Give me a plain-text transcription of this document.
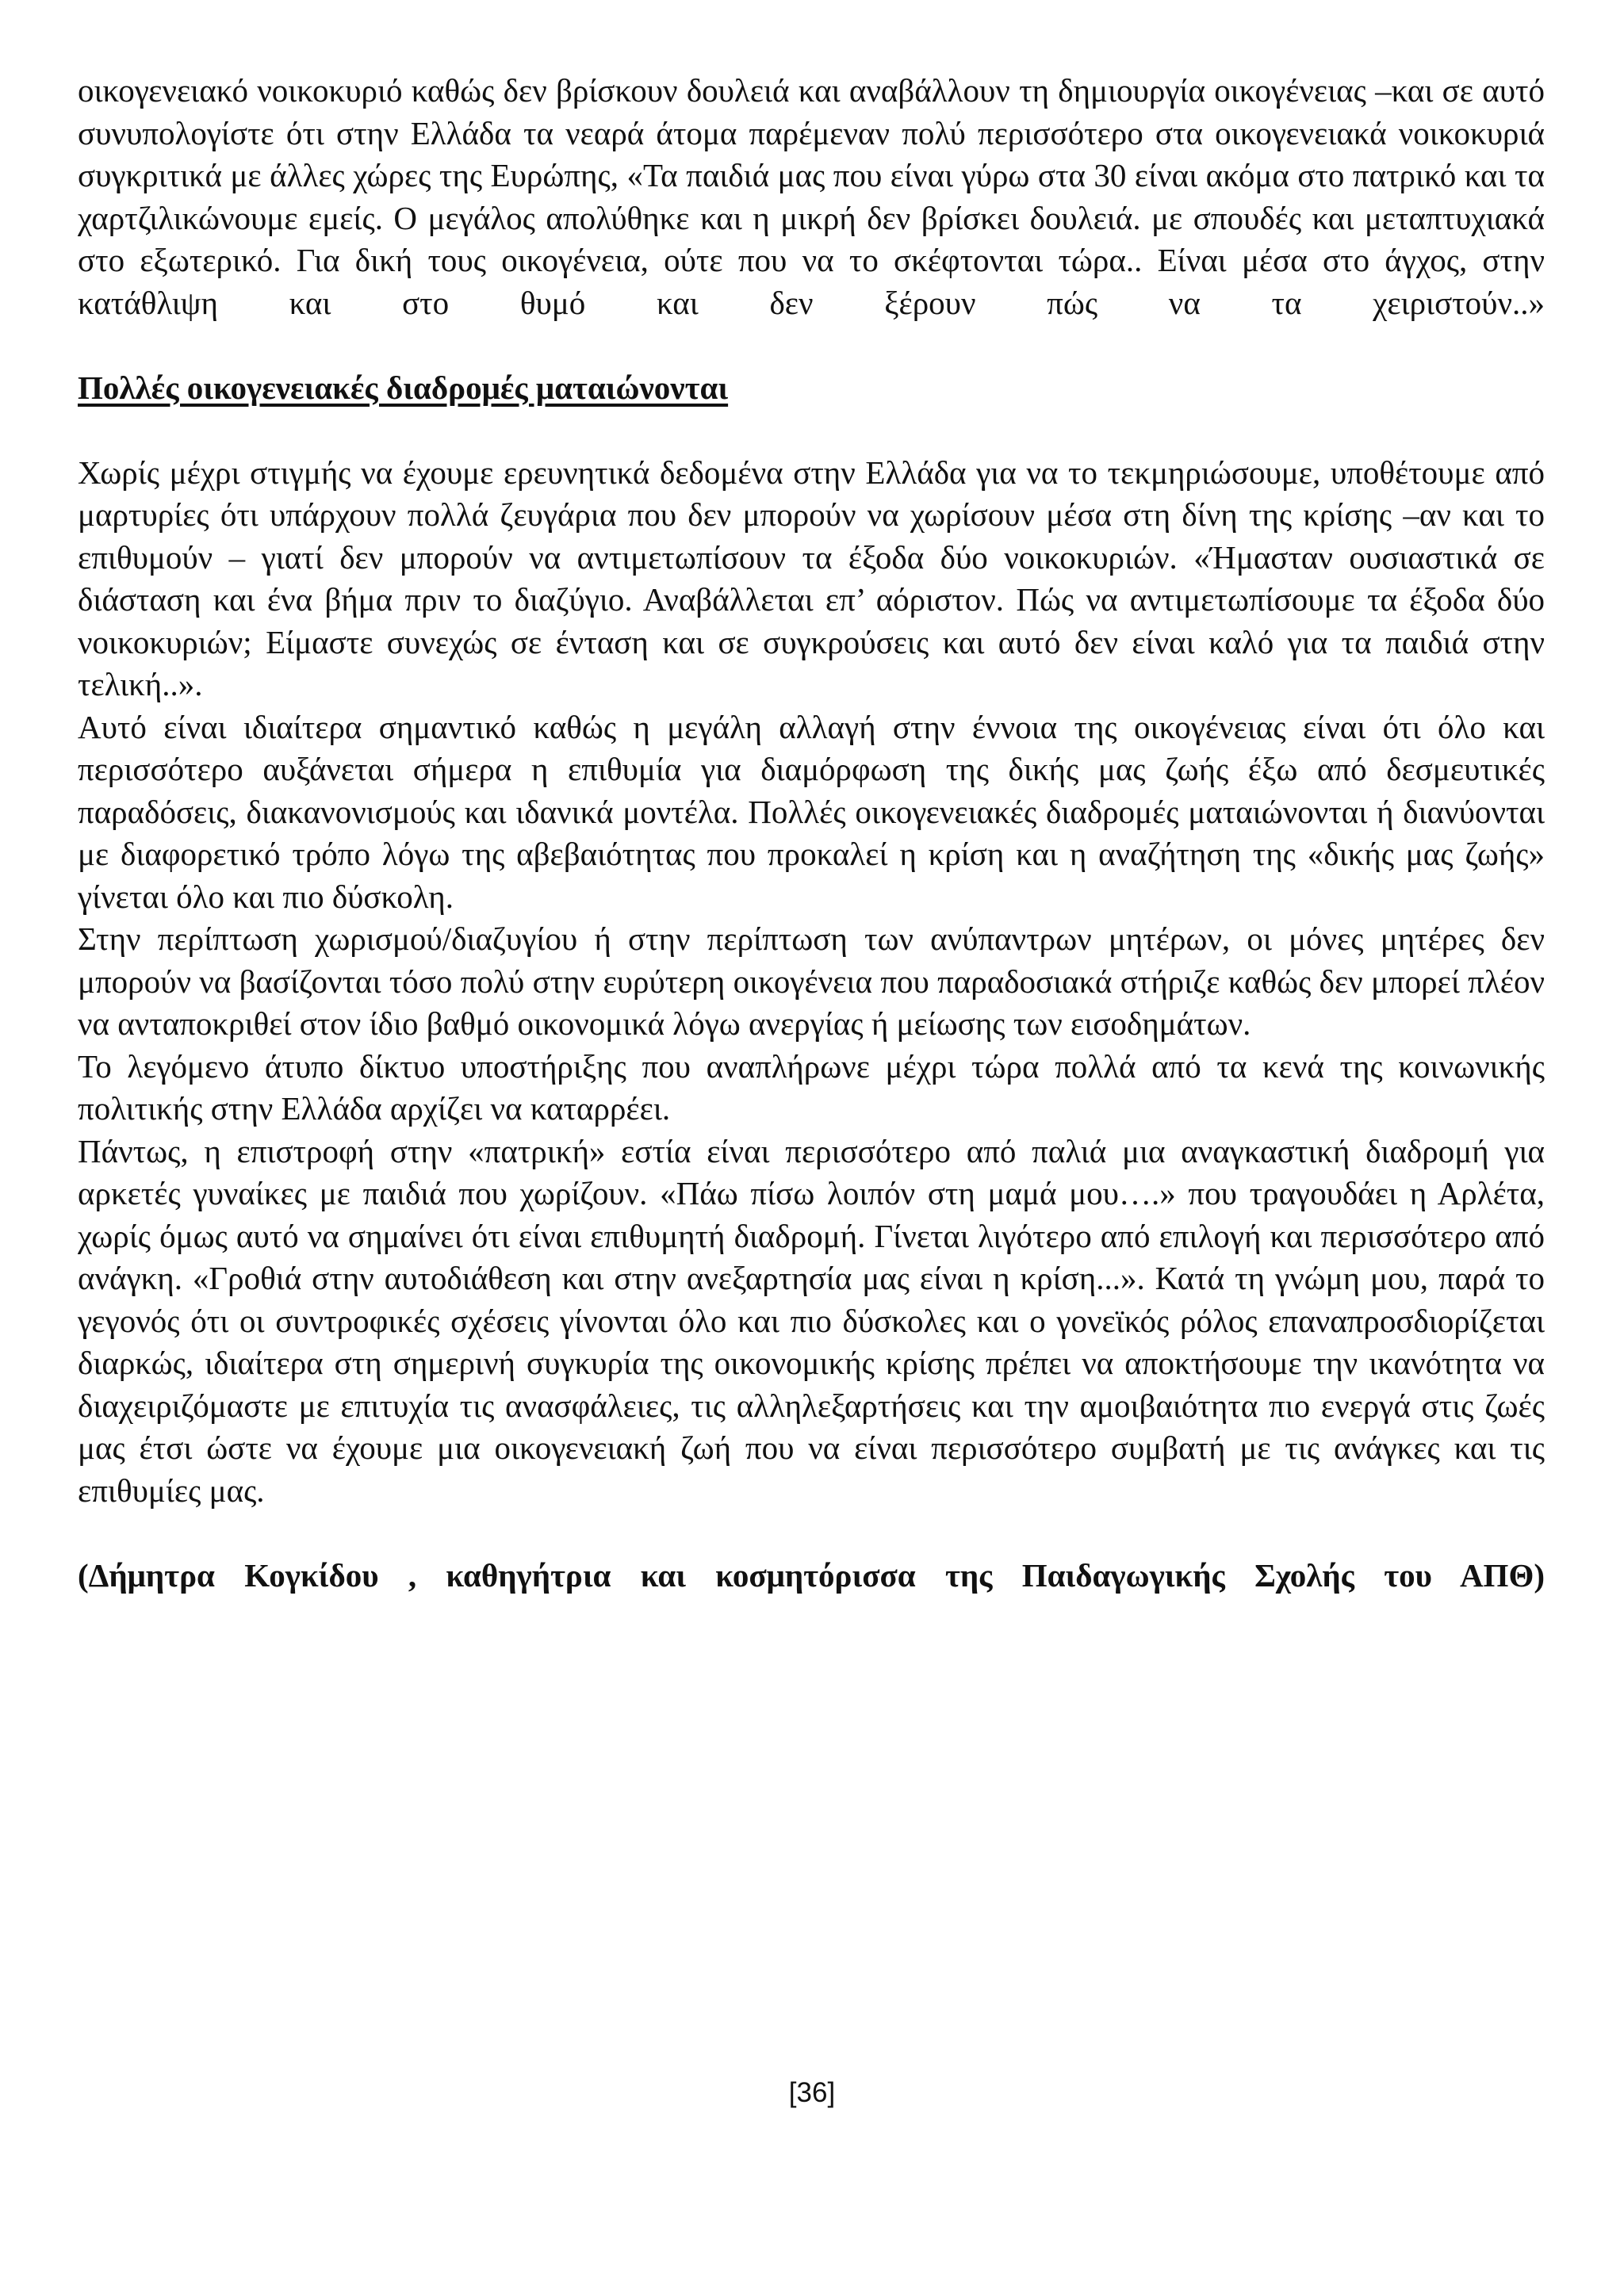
οικογενειακό νοικοκυριό καθώς δεν βρίσκουν δουλειά και αναβάλλουν τη δημιουργία οικογένειας –και σε αυτό συνυπολογίστε ότι στην Ελλάδα τα νεαρά άτομα παρέμεναν πολύ περισσότερο στα οικογενειακά νοικοκυριά συγκριτικά με άλλες χώρες της Ευρώπης, «Τα παιδιά μας που είναι γύρω στα 30 είναι ακόμα στο πατρικό και τα χαρτζιλικώνουμε εμείς. Ο μεγάλος απολύθηκε και η μικρή δεν βρίσκει δουλειά. με σπουδές και μεταπτυχιακά στο εξωτερικό. Για δική τους οικογένεια, ούτε που να το σκέφτονται τώρα.. Είναι μέσα στο άγχος, στην κατάθλιψη και στο θυμό και δεν ξέρουν πώς να τα χειριστούν..»

Πολλές οικογενειακές διαδρομές ματαιώνονται

Χωρίς μέχρι στιγμής να έχουμε ερευνητικά δεδομένα στην Ελλάδα για να το τεκμηριώσουμε, υποθέτουμε από μαρτυρίες ότι υπάρχουν πολλά ζευγάρια που δεν μπορούν να χωρίσουν μέσα στη δίνη της κρίσης –αν και το επιθυμούν – γιατί δεν μπορούν να αντιμετωπίσουν τα έξοδα δύο νοικοκυριών. «Ήμασταν ουσιαστικά σε διάσταση και ένα βήμα πριν το διαζύγιο. Αναβάλλεται επ’ αόριστον. Πώς να αντιμετωπίσουμε τα έξοδα δύο νοικοκυριών; Είμαστε συνεχώς σε ένταση και σε συγκρούσεις και αυτό δεν είναι καλό για τα παιδιά στην τελική..».

Αυτό είναι ιδιαίτερα σημαντικό καθώς η μεγάλη αλλαγή στην έννοια της οικογένειας είναι ότι όλο και περισσότερο αυξάνεται σήμερα η επιθυμία για διαμόρφωση της δικής μας ζωής έξω από δεσμευτικές παραδόσεις, διακανονισμούς και ιδανικά μοντέλα. Πολλές οικογενειακές διαδρομές ματαιώνονται ή διανύονται με διαφορετικό τρόπο λόγω της αβεβαιότητας που προκαλεί η κρίση και η αναζήτηση της «δικής μας ζωής» γίνεται όλο και πιο δύσκολη.

Στην περίπτωση χωρισμού/διαζυγίου ή στην περίπτωση των ανύπαντρων μητέρων, οι μόνες μητέρες δεν μπορούν να βασίζονται τόσο πολύ στην ευρύτερη οικογένεια που παραδοσιακά στήριζε καθώς δεν μπορεί πλέον να ανταποκριθεί στον ίδιο βαθμό οικονομικά λόγω ανεργίας ή μείωσης των εισοδημάτων.

Το λεγόμενο άτυπο δίκτυο υποστήριξης που αναπλήρωνε μέχρι τώρα πολλά από τα κενά της κοινωνικής πολιτικής στην Ελλάδα αρχίζει να καταρρέει.

Πάντως, η επιστροφή στην «πατρική» εστία είναι περισσότερο από παλιά μια αναγκαστική διαδρομή για αρκετές γυναίκες με παιδιά που χωρίζουν. «Πάω πίσω λοιπόν στη μαμά μου….» που τραγουδάει η Αρλέτα, χωρίς όμως αυτό να σημαίνει ότι είναι επιθυμητή διαδρομή. Γίνεται λιγότερο από επιλογή και περισσότερο από ανάγκη. «Γροθιά στην αυτοδιάθεση και στην ανεξαρτησία μας είναι η κρίση...». Κατά τη γνώμη μου, παρά το γεγονός ότι οι συντροφικές σχέσεις γίνονται όλο και πιο δύσκολες και ο γονεϊκός ρόλος επαναπροσδιορίζεται διαρκώς, ιδιαίτερα στη σημερινή συγκυρία της οικονομικής κρίσης πρέπει να αποκτήσουμε την ικανότητα να διαχειριζόμαστε με επιτυχία τις ανασφάλειες, τις αλληλεξαρτήσεις και την αμοιβαιότητα πιο ενεργά στις ζωές μας έτσι ώστε να έχουμε μια οικογενειακή ζωή που να είναι περισσότερο συμβατή με τις ανάγκες και τις επιθυμίες μας.

(Δήμητρα Κογκίδου , καθηγήτρια και κοσμητόρισσα της Παιδαγωγικής Σχολής του ΑΠΘ)

[36]
